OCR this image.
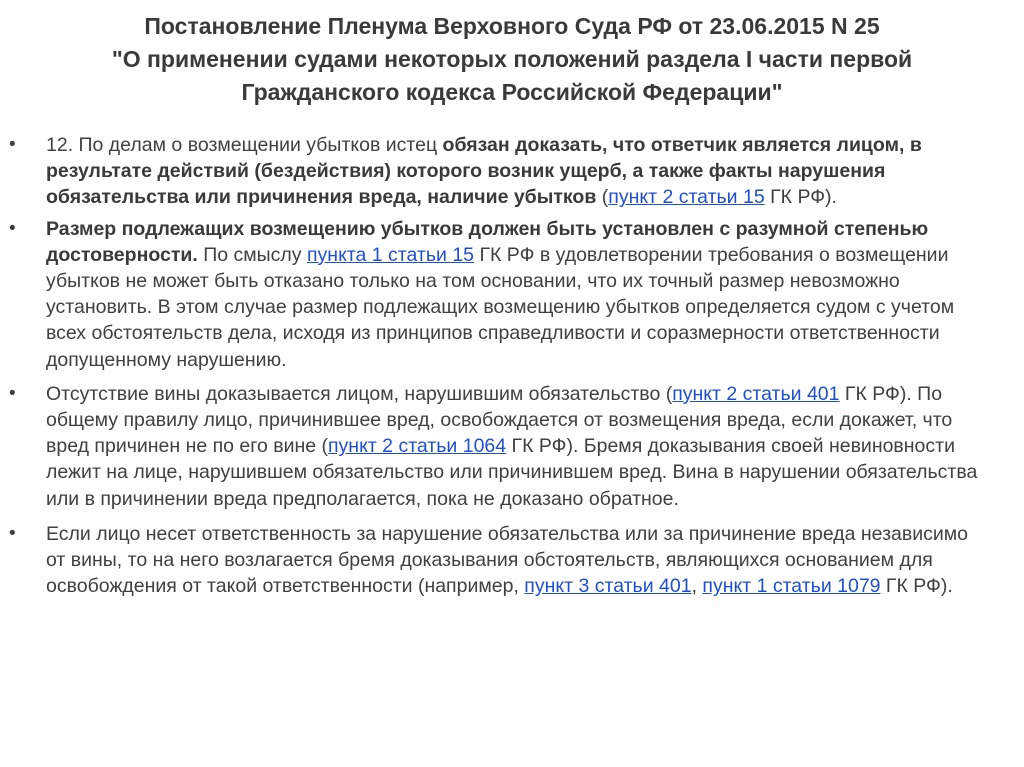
Постановление Пленума Верховного Суда РФ от 23.06.2015 N 25
"О применении судами некоторых положений раздела I части первой
Гражданского кодекса Российской Федерации"
•	12. По делам о возмещении убытков истец обязан доказать, что ответчик является лицом, в результате действий (бездействия) которого возник ущерб, а также факты нарушения обязательства или причинения вреда, наличие убытков (пункт 2 статьи 15 ГК РФ).
•	Размер подлежащих возмещению убытков должен быть установлен с разумной степенью достоверности. По смыслу пункта 1 статьи 15 ГК РФ в удовлетворении требования о возмещении убытков не может быть отказано только на том основании, что их точный размер невозможно установить. В этом случае размер подлежащих возмещению убытков определяется судом с учетом всех обстоятельств дела, исходя из принципов справедливости и соразмерности ответственности допущенному нарушению.
•	Отсутствие вины доказывается лицом, нарушившим обязательство (пункт 2 статьи 401 ГК РФ). По общему правилу лицо, причинившее вред, освобождается от возмещения вреда, если докажет, что вред причинен не по его вине (пункт 2 статьи 1064 ГК РФ). Бремя доказывания своей невиновности лежит на лице, нарушившем обязательство или причинившем вред. Вина в нарушении обязательства или в причинении вреда предполагается, пока не доказано обратное.
•	Если лицо несет ответственность за нарушение обязательства или за причинение вреда независимо от вины, то на него возлагается бремя доказывания обстоятельств, являющихся основанием для освобождения от такой ответственности (например, пункт 3 статьи 401, пункт 1 статьи 1079 ГК РФ).
